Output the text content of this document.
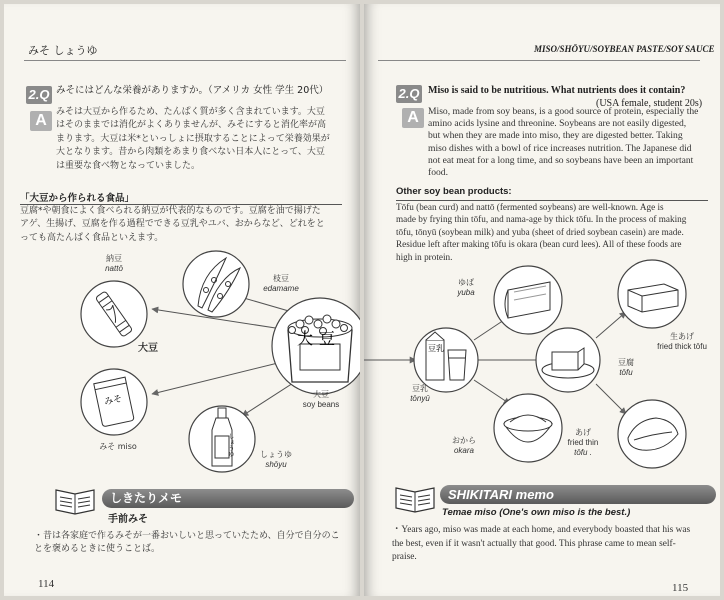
みそ しょうゆ
2.Q みそにはどんな栄養がありますか。（アメリカ 女性 学生 20代）
A	みそは大豆から作るため、たんぱく質が多く含まれています。大豆
はそのままでは消化がよくありませんが、みそにすると消化率が高
まります。大豆は米*といっしょに摂取することによって栄養効果が
大となります。昔から肉類をあまり食べない日本人にとって、大豆
は重要な食べ物となっていました。
「大豆から作られる食品」
豆腐*や朝食によく食べられる納豆が代表的なものです。豆腐を油で揚げた
アゲ、生揚げ、豆腐を作る過程でできる豆乳やユバ、おからなど、どれをと
っても高たんぱく食品といえます。
大豆
大豆
みそ
しょうゆ
納豆
nattō
枝豆
edamame
大豆
soy beans
みそ miso
しょうゆ
shōyu
しきたりメモ
手前みそ
・昔は各家庭で作るみそが一番おいしいと思っていたため、自分で自分のこ
とを褒めるときに使うことば。
114
MISO/SHŌYU/SOYBEAN PASTE/SOY SAUCE
2.Q Miso is said to be nutritious. What nutrients does it contain?
(USA female, student 20s)
A Miso, made from soy beans, is a good source of protein, especially the
amino acids lysine and threonine. Soybeans are not easily digested,
but when they are made into miso, they are digested better. Taking
miso dishes with a bowl of rice increases nutrition. The Japanese did
not eat meat for a long time, and so soybeans have been an important
food.
Other soy bean products:
Tōfu (bean curd) and nattō (fermented soybeans) are well-known. Age is
made by frying thin tōfu, and nama-age by thick tōfu. In the process of making
tōfu, tōnyū (soybean milk) and yuba (sheet of dried soybean casein) are made.
Residue left after making tōfu is okara (bean curd lees). All of these foods are
high in protein.
豆乳
ゆば
yuba
豆乳
tōnyū
おから
okara
生あげ
fried thick tōfu
豆腐
tōfu
あげ
fried thin
tōfu .
SHIKITARI memo
Temae miso (One's own miso is the best.)
・Years ago, miso was made at each home, and everybody boasted that his was
the best, even if it wasn't actually that good. This phrase came to mean self-
praise.
115
